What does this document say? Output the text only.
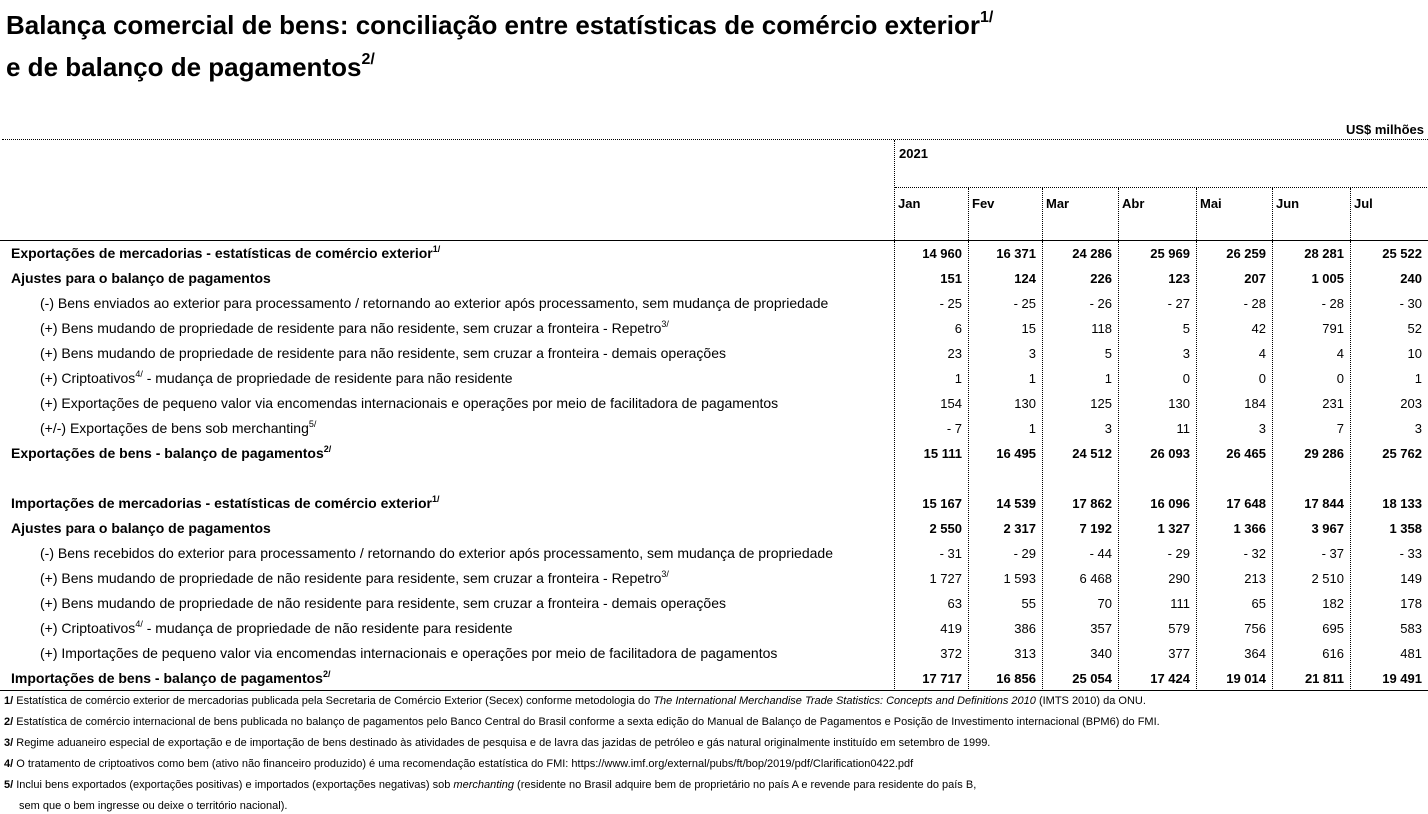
Balança comercial de bens: conciliação entre estatísticas de comércio exterior$^{1/}$
e de balanço de pagamentos$^{2/}$
US$ milhões
2021
Jan	Fev	Mar	Abr	Mai	Jun	Jul
Exportações de mercadorias - estatísticas de comércio exterior$^{1/}$	14 960	16 371	24 286	25 969	26 259	28 281	25 522
Ajustes para o balanço de pagamentos	151	124	226	123	207	1 005	240
(-) Bens enviados ao exterior para processamento / retornando ao exterior após processamento, sem mudança de propriedade	- 25	- 25	- 26	- 27	- 28	- 28	- 30
(+) Bens mudando de propriedade de residente para não residente, sem cruzar a fronteira - Repetro$^{3/}$	6	15	118	5	42	791	52
(+) Bens mudando de propriedade de residente para não residente, sem cruzar a fronteira - demais operações	23	3	5	3	4	4	10
(+) Criptoativos$^{4/}$ - mudança de propriedade de residente para não residente	1	1	1	0	0	0	1
(+) Exportações de pequeno valor via encomendas internacionais e operações por meio de facilitadora de pagamentos	154	130	125	130	184	231	203
(+/-) Exportações de bens sob merchanting$^{5/}$	- 7	1	3	11	3	7	3
Exportações de bens - balanço de pagamentos$^{2/}$	15 111	16 495	24 512	26 093	26 465	29 286	25 762
Importações de mercadorias - estatísticas de comércio exterior$^{1/}$	15 167	14 539	17 862	16 096	17 648	17 844	18 133
Ajustes para o balanço de pagamentos	2 550	2 317	7 192	1 327	1 366	3 967	1 358
(-) Bens recebidos do exterior para processamento / retornando do exterior após processamento, sem mudança de propriedade	- 31	- 29	- 44	- 29	- 32	- 37	- 33
(+) Bens mudando de propriedade de não residente para residente, sem cruzar a fronteira - Repetro$^{3/}$	1 727	1 593	6 468	290	213	2 510	149
(+) Bens mudando de propriedade de não residente para residente, sem cruzar a fronteira - demais operações	63	55	70	111	65	182	178
(+) Criptoativos$^{4/}$ - mudança de propriedade de não residente para residente	419	386	357	579	756	695	583
(+) Importações de pequeno valor via encomendas internacionais e operações por meio de facilitadora de pagamentos	372	313	340	377	364	616	481
Importações de bens - balanço de pagamentos$^{2/}$	17 717	16 856	25 054	17 424	19 014	21 811	19 491
1/ Estatística de comércio exterior de mercadorias publicada pela Secretaria de Comércio Exterior (Secex) conforme metodologia do The International Merchandise Trade Statistics: Concepts and Definitions 2010 (IMTS 2010) da ONU.
2/ Estatística de comércio internacional de bens publicada no balanço de pagamentos pelo Banco Central do Brasil conforme a sexta edição do Manual de Balanço de Pagamentos e Posição de Investimento internacional (BPM6) do FMI.
3/ Regime aduaneiro especial de exportação e de importação de bens destinado às atividades de pesquisa e de lavra das jazidas de petróleo e gás natural originalmente instituído em setembro de 1999.
4/ O tratamento de criptoativos como bem (ativo não financeiro produzido) é uma recomendação estatística do FMI: https://www.imf.org/external/pubs/ft/bop/2019/pdf/Clarification0422.pdf
5/ Inclui bens exportados (exportações positivas) e importados (exportações negativas) sob merchanting (residente no Brasil adquire bem de proprietário no país A e revende para residente do país B,
sem que o bem ingresse ou deixe o território nacional).
